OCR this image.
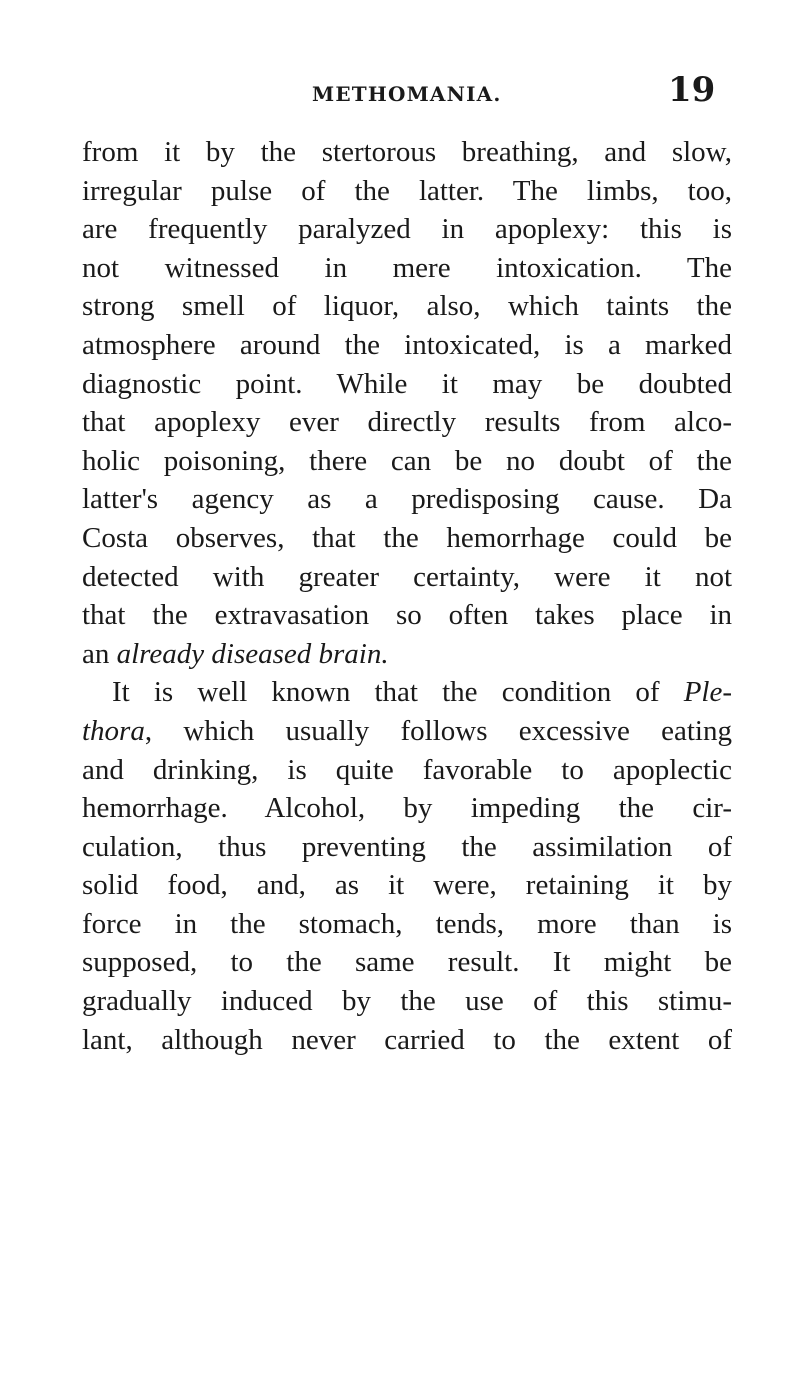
METHOMANIA.	19
from it by the stertorous breathing, and slow,
irregular pulse of the latter. The limbs, too,
are frequently paralyzed in apoplexy: this is
not witnessed in mere intoxication. The
strong smell of liquor, also, which taints the
atmosphere around the intoxicated, is a marked
diagnostic point. While it may be doubted
that apoplexy ever directly results from alco-
holic poisoning, there can be no doubt of the
latter's agency as a predisposing cause. Da
Costa observes, that the hemorrhage could be
detected with greater certainty, were it not
that the extravasation so often takes place in
an already diseased brain.
It is well known that the condition of Ple-
thora, which usually follows excessive eating
and drinking, is quite favorable to apoplectic
hemorrhage. Alcohol, by impeding the cir-
culation, thus preventing the assimilation of
solid food, and, as it were, retaining it by
force in the stomach, tends, more than is
supposed, to the same result. It might be
gradually induced by the use of this stimu-
lant, although never carried to the extent of
